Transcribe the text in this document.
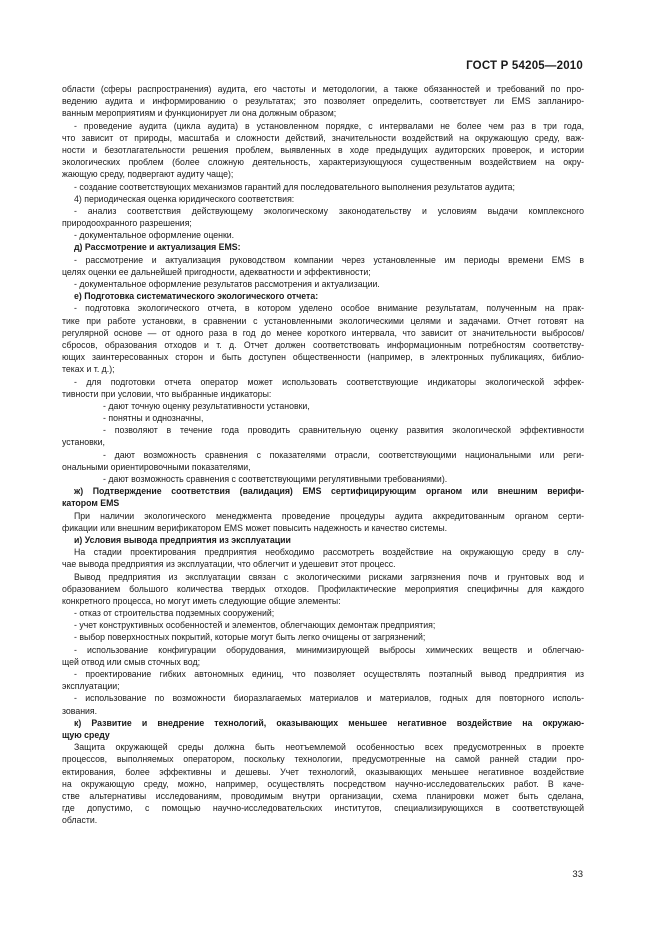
ГОСТ Р 54205—2010
области (сферы распространения) аудита, его частоты и методологии, а также обязанностей и требований по про-
ведению аудита и информированию о результатах; это позволяет определить, соответствует ли EMS запланиро-
ванным мероприятиям и функционирует ли она должным образом;
- проведение аудита (цикла аудита) в установленном порядке, с интервалами не более чем раз в три года,
что зависит от природы, масштаба и сложности действий, значительности воздействий на окружающую среду, важ-
ности и безотлагательности решения проблем, выявленных в ходе предыдущих аудиторских проверок, и истории
экологических проблем (более сложную деятельность, характеризующуюся существенным воздействием на окру-
жающую среду, подвергают аудиту чаще);
- создание соответствующих механизмов гарантий для последовательного выполнения результатов аудита;
4) периодическая оценка юридического соответствия:
- анализ соответствия действующему экологическому законодательству и условиям выдачи комплексного
природоохранного разрешения;
- документальное оформление оценки.
д) Рассмотрение и актуализация EMS:
- рассмотрение и актуализация руководством компании через установленные им периоды времени EMS в
целях оценки ее дальнейшей пригодности, адекватности и эффективности;
- документальное оформление результатов рассмотрения и актуализации.
е) Подготовка систематического экологического отчета:
- подготовка экологического отчета, в котором уделено особое внимание результатам, полученным на прак-
тике при работе установки, в сравнении с установленными экологическими целями и задачами. Отчет готовят на
регулярной основе — от одного раза в год до менее короткого интервала, что зависит от значительности выбросов/
сбросов, образования отходов и т. д. Отчет должен соответствовать информационным потребностям соответству-
ющих заинтересованных сторон и быть доступен общественности (например, в электронных публикациях, библио-
теках и т. д.);
- для подготовки отчета оператор может использовать соответствующие индикаторы экологической эффек-
тивности при условии, что выбранные индикаторы:
- дают точную оценку результативности установки,
- понятны и однозначны,
- позволяют в течение года проводить сравнительную оценку развития экологической эффективности
установки,
- дают возможность сравнения с показателями отрасли, соответствующими национальными или реги-
ональными ориентировочными показателями,
- дают возможность сравнения с соответствующими регулятивными требованиями).
ж) Подтверждение соответствия (валидация) EMS сертифицирующим органом или внешним верифи-
катором EMS
При наличии экологического менеджмента проведение процедуры аудита аккредитованным органом серти-
фикации или внешним верификатором EMS может повысить надежность и качество системы.
и) Условия вывода предприятия из эксплуатации
На стадии проектирования предприятия необходимо рассмотреть воздействие на окружающую среду в слу-
чае вывода предприятия из эксплуатации, что облегчит и удешевит этот процесс.
Вывод предприятия из эксплуатации связан с экологическими рисками загрязнения почв и грунтовых вод и
образованием большого количества твердых отходов. Профилактические мероприятия специфичны для каждого
конкретного процесса, но могут иметь следующие общие элементы:
- отказ от строительства подземных сооружений;
- учет конструктивных особенностей и элементов, облегчающих демонтаж предприятия;
- выбор поверхностных покрытий, которые могут быть легко очищены от загрязнений;
- использование конфигурации оборудования, минимизирующей выбросы химических веществ и облегчаю-
щей отвод или смыв сточных вод;
- проектирование гибких автономных единиц, что позволяет осуществлять поэтапный вывод предприятия из
эксплуатации;
- использование по возможности биоразлагаемых материалов и материалов, годных для повторного исполь-
зования.
к) Развитие и внедрение технологий, оказывающих меньшее негативное воздействие на окружаю-
щую среду
Защита окружающей среды должна быть неотъемлемой особенностью всех предусмотренных в проекте
процессов, выполняемых оператором, поскольку технологии, предусмотренные на самой ранней стадии про-
ектирования, более эффективны и дешевы. Учет технологий, оказывающих меньшее негативное воздействие
на окружающую среду, можно, например, осуществлять посредством научно-исследовательских работ. В каче-
стве альтернативы исследованиям, проводимым внутри организации, схема планировки может быть сделана,
где допустимо, с помощью научно-исследовательских институтов, специализирующихся в соответствующей
области.
33
